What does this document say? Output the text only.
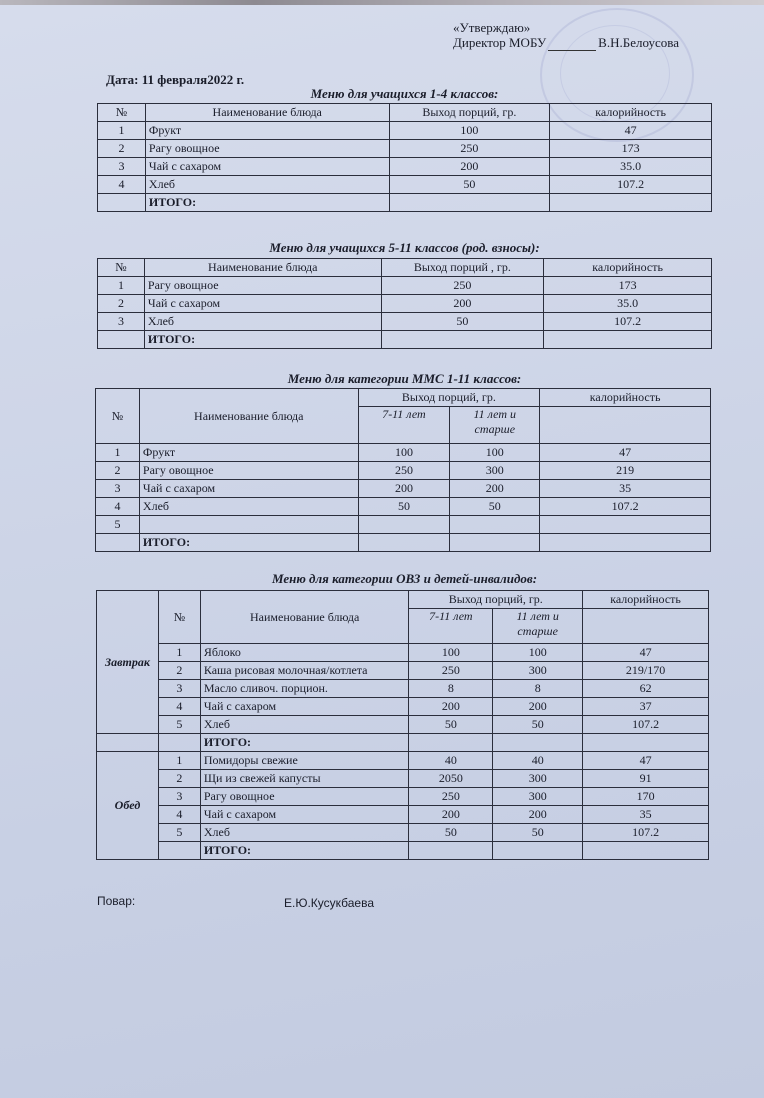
«Утверждаю»
Директор МОБУ	В.Н.Белоусова
Дата: 11 февраля2022 г.
Меню для учащихся 1-4 классов:
№	Наименование блюда	Выход порций, гр.	калорийность
1	Фрукт	100	47
2	Рагу овощное	250	173
3	Чай с сахаром	200	35.0
4	Хлеб	50	107.2
	ИТОГО:		
Меню для учащихся 5-11 классов (род. взносы):
№	Наименование блюда	Выход порций , гр.	калорийность
1	Рагу овощное	250	173
2	Чай с сахаром	200	35.0
3	Хлеб	50	107.2
	ИТОГО:		
Меню для категории ММС 1-11 классов:
№	Наименование блюда	Выход порций, гр.		калорийность
		7-11 лет	11 лет и старше	
1	Фрукт	100	100	47
2	Рагу овощное	250	300	219
3	Чай с сахаром	200	200	35
4	Хлеб	50	50	107.2
5				
	ИТОГО:			
Меню для категории ОВЗ и детей-инвалидов:
Завтрак	№	Наименование блюда	Выход порций, гр.		калорийность
			7-11 лет	11 лет и старше	
	1	Яблоко	100	100	47
	2	Каша рисовая молочная/котлета	250	300	219/170
	3	Масло сливоч. порцион.	8	8	62
	4	Чай с сахаром	200	200	37
	5	Хлеб	50	50	107.2
		ИТОГО:			
Обед	1	Помидоры свежие	40	40	47
	2	Щи из свежей капусты	2050	300	91
	3	Рагу овощное	250	300	170
	4	Чай с сахаром	200	200	35
	5	Хлеб	50	50	107.2
		ИТОГО:			
Повар:	Е.Ю.Кусукбаева
